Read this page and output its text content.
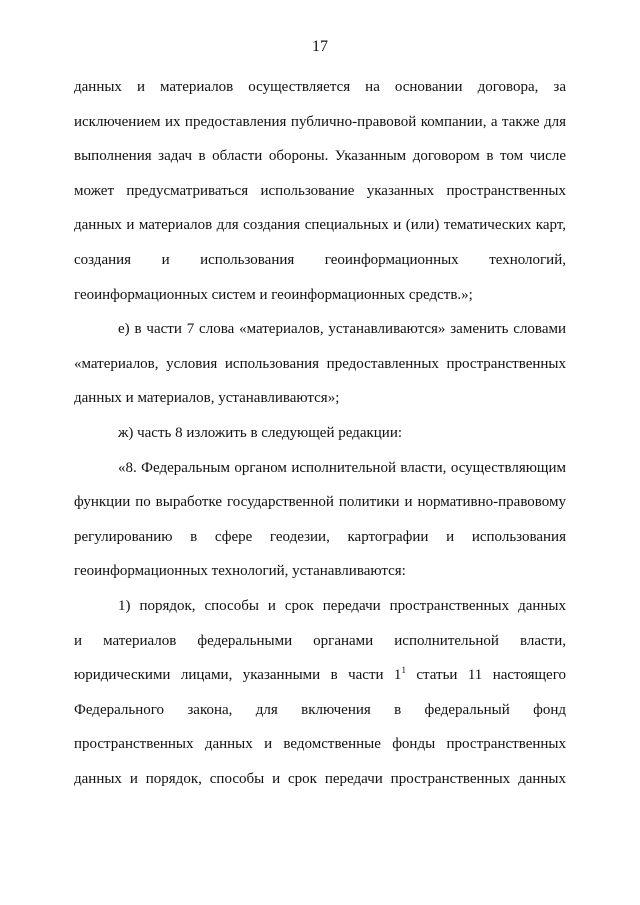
17
данных и материалов осуществляется на основании договора, за
исключением их предоставления публично-правовой компании, а также для
выполнения задач в области обороны. Указанным договором в том числе
может предусматриваться использование указанных пространственных
данных и материалов для создания специальных и (или) тематических карт,
создания и использования геоинформационных технологий,
геоинформационных систем и геоинформационных средств.»;
е) в части 7 слова «материалов, устанавливаются» заменить словами
«материалов, условия использования предоставленных пространственных
данных и материалов, устанавливаются»;
ж) часть 8 изложить в следующей редакции:
«8. Федеральным органом исполнительной власти, осуществляющим
функции по выработке государственной политики и нормативно-правовому
регулированию в сфере геодезии, картографии и использования
геоинформационных технологий, устанавливаются:
1) порядок, способы и срок передачи пространственных данных
и материалов федеральными органами исполнительной власти,
юридическими лицами, указанными в части $1^1$ статьи 11 настоящего
Федерального закона, для включения в федеральный фонд
пространственных данных и ведомственные фонды пространственных
данных и порядок, способы и срок передачи пространственных данных
